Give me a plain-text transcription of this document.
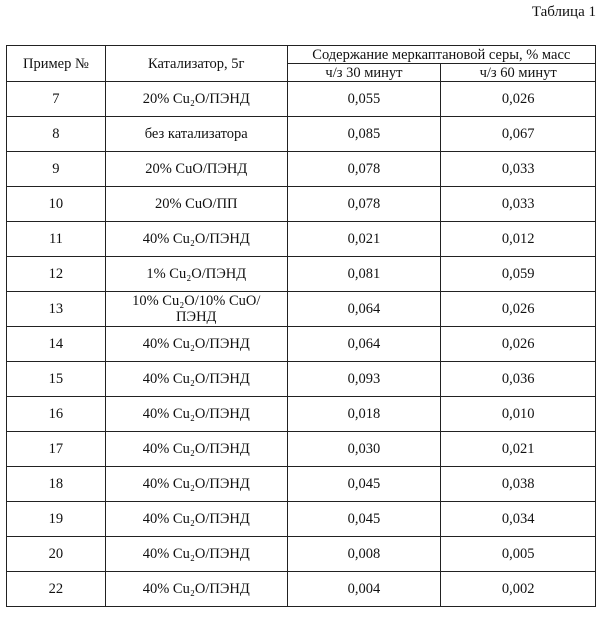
Таблица 1
Пример №	Катализатор, 5г	Содержание меркаптановой серы, % масс
ч/з 30 минут	ч/з 60 минут
7	20% Cu₂O/ПЭНД	0,055	0,026
8	без катализатора	0,085	0,067
9	20% CuO/ПЭНД	0,078	0,033
10	20% CuO/ПП	0,078	0,033
11	40% Cu₂O/ПЭНД	0,021	0,012
12	1% Cu₂O/ПЭНД	0,081	0,059
13	10% Cu₂O/10% CuO/ПЭНД	0,064	0,026
14	40% Cu₂O/ПЭНД	0,064	0,026
15	40% Cu₂O/ПЭНД	0,093	0,036
16	40% Cu₂O/ПЭНД	0,018	0,010
17	40% Cu₂O/ПЭНД	0,030	0,021
18	40% Cu₂O/ПЭНД	0,045	0,038
19	40% Cu₂O/ПЭНД	0,045	0,034
20	40% Cu₂O/ПЭНД	0,008	0,005
22	40% Cu₂O/ПЭНД	0,004	0,002
